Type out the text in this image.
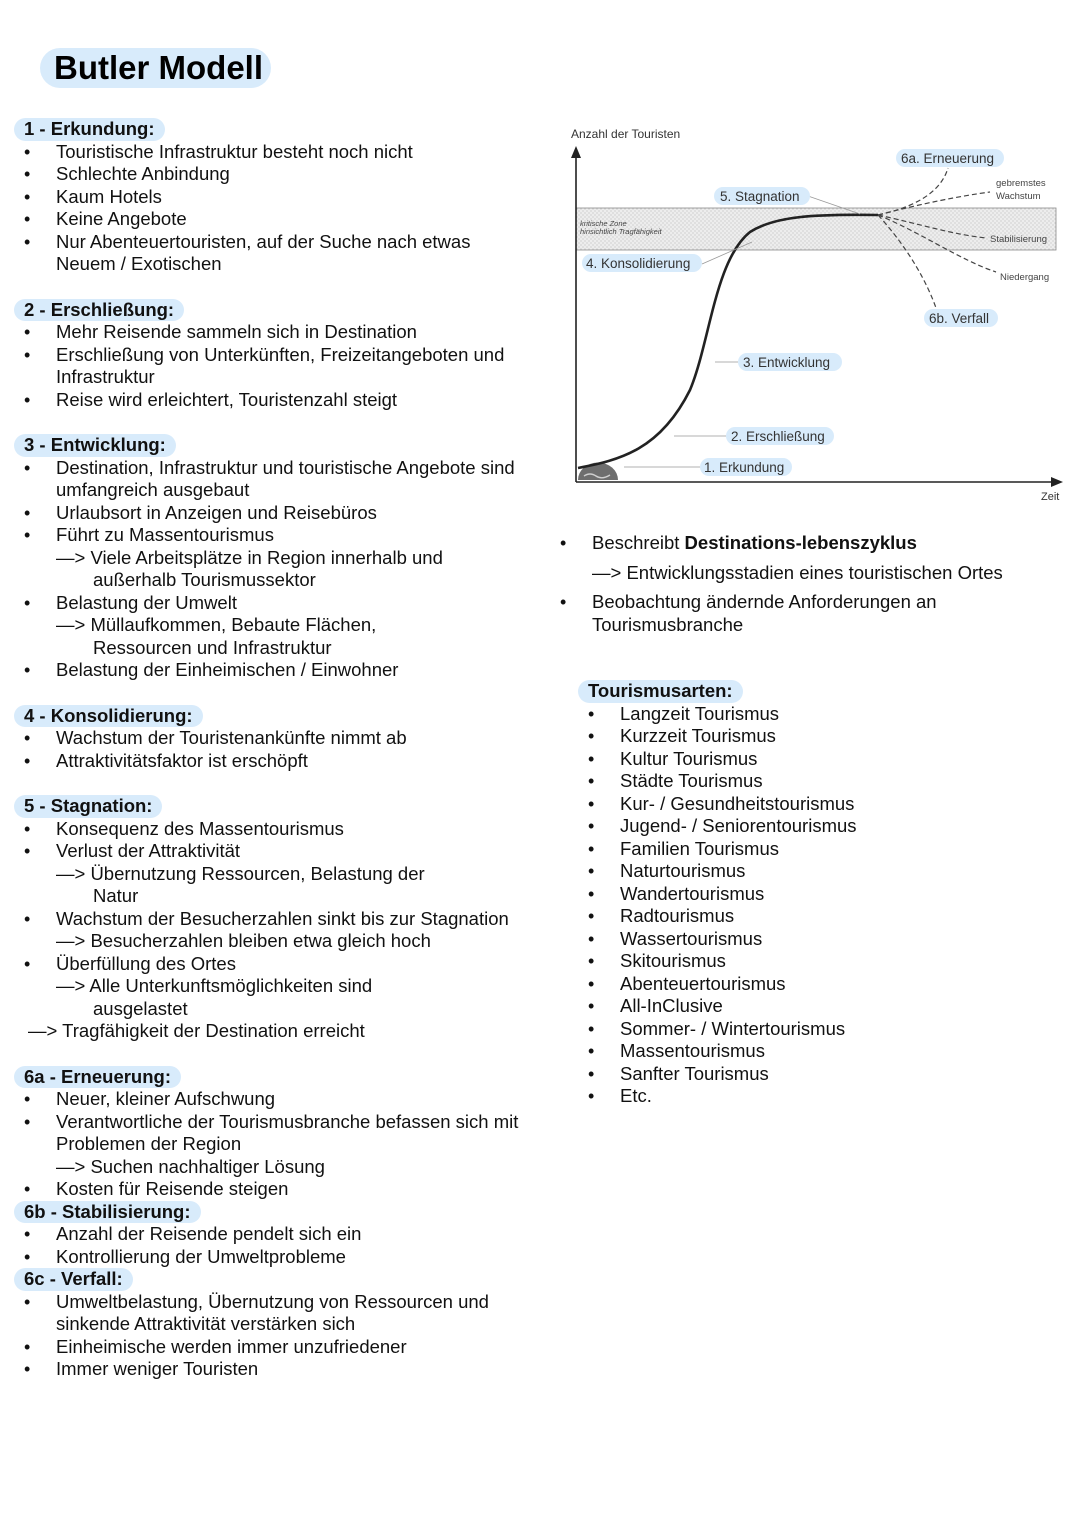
Butler Modell
1 - Erkundung:
• Touristische Infrastruktur besteht noch nicht
• Schlechte Anbindung
• Kaum Hotels
• Keine Angebote
• Nur Abenteuertouristen, auf der Suche nach etwas
Neuem / Exotischen
2 - Erschließung:
• Mehr Reisende sammeln sich in Destination
• Erschließung von Unterkünften, Freizeitangeboten und
Infrastruktur
• Reise wird erleichtert, Touristenzahl steigt
3 - Entwicklung:
• Destination, Infrastruktur und touristische Angebote sind
umfangreich ausgebaut
• Urlaubsort in Anzeigen und Reisebüros
• Führt zu Massentourismus
—> Viele Arbeitsplätze in Region innerhalb und
außerhalb Tourismussektor
• Belastung der Umwelt
—> Müllaufkommen, Bebaute Flächen,
Ressourcen und Infrastruktur
• Belastung der Einheimischen / Einwohner
4 - Konsolidierung:
• Wachstum der Touristenankünfte nimmt ab
• Attraktivitätsfaktor ist erschöpft
5 - Stagnation:
• Konsequenz des Massentourismus
• Verlust der Attraktivität
—> Übernutzung Ressourcen, Belastung der
Natur
• Wachstum der Besucherzahlen sinkt bis zur Stagnation
—> Besucherzahlen bleiben etwa gleich hoch
• Überfüllung des Ortes
—> Alle Unterkunftsmöglichkeiten sind
ausgelastet
—> Tragfähigkeit der Destination erreicht
6a - Erneuerung:
• Neuer, kleiner Aufschwung
• Verantwortliche der Tourismusbranche befassen sich mit
Problemen der Region
—> Suchen nachhaltiger Lösung
• Kosten für Reisende steigen
6b - Stabilisierung:
• Anzahl der Reisende pendelt sich ein
• Kontrollierung der Umweltprobleme
6c - Verfall:
• Umweltbelastung, Übernutzung von Ressourcen und
sinkende Attraktivität verstärken sich
• Einheimische werden immer unzufriedener
• Immer weniger Touristen
kritische Zone
hinsichtlich Tragfähigkeit
Anzahl der Touristen
Zeit
1. Erkundung
2. Erschließung
3. Entwicklung
4. Konsolidierung
5. Stagnation
6a. Erneuerung
6b. Verfall
gebremstes
Wachstum
Stabilisierung
Niedergang
• Beschreibt Destinations-lebenszyklus
—> Entwicklungsstadien eines touristischen Ortes
• Beobachtung ändernde Anforderungen an Tourismusbranche
Tourismusarten:
• Langzeit Tourismus
• Kurzzeit Tourismus
• Kultur Tourismus
• Städte Tourismus
• Kur- / Gesundheitstourismus
• Jugend- / Seniorentourismus
• Familien Tourismus
• Naturtourismus
• Wandertourismus
• Radtourismus
• Wassertourismus
• Skitourismus
• Abenteuertourismus
• All-InClusive
• Sommer- / Wintertourismus
• Massentourismus
• Sanfter Tourismus
• Etc.
